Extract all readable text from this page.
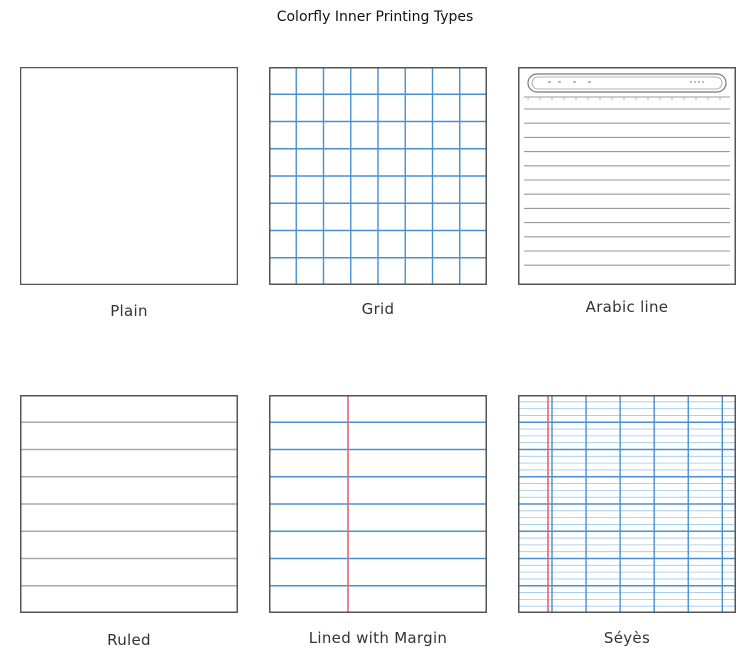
Colorfly Inner Printing Types
Plain	Grid	Arabic line
Ruled	Lined with Margin	Séyès
